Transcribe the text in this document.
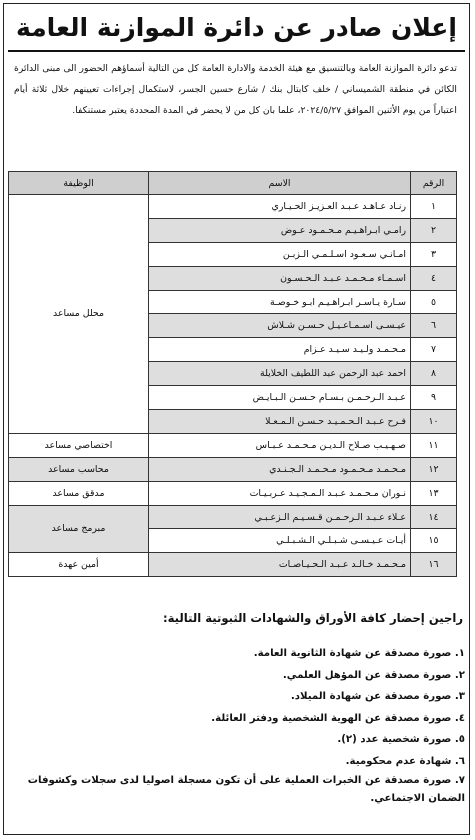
إعلان صادر عن دائرة الموازنة العامة
تدعو دائرة الموازنة العامة وبالتنسيق مع هيئة الخدمة والادارة العامة كل من التالية أسماؤهم الحضور الى مبنى الدائرة الكائن في منطقة الشميساني / خلف كابتال بنك / شارع حسين الجسر، لاستكمال إجراءات تعيينهم خلال ثلاثة أيام اعتباراً من يوم الأثنين الموافق ٢٠٢٤/٥/٢٧، علما بان كل من لا يحضر في المدة المحددة يعتبر مستنكفا.
الرقم	الاسم	الوظيفة
١	رنـاد عـاهـد عـبـد العـزيـز الحـيـاري	محلل مساعد
٢	رامـي ابـراهـيـم مـحـمـود عـوض	
٣	امـانـي سـعـود اسـلـمـي الـزبـن	
٤	اسـمـاء مـحـمـد عـبـد الـحـسـون	
٥	سـارة يـاسـر ابـراهـيـم ابـو خـوصـة	
٦	عيـسـى اسـمـاعـيـل حـسـن شـلاش	
٧	مـحـمـد ولـيـد سـيـد عـزام	
٨	احمد عبد الرحمن عبد اللطيف الخلايلة	
٩	عـبـد الـرحـمـن بـسـام حـسـن الـبـايـض	
١٠	فـرح عـبـد الـحـمـيـد حـسـن الـمـعـلا	
١١	صـهـيـب صـلاح الـديـن مـحـمـد عـبـاس	اختصاصي مساعد
١٢	مـحـمـد مـحـمـود مـحـمـد الـجـنـدي	محاسب مساعد
١٣	نـوران مـحـمـد عـبـد الـمـجـيـد عـربـيـات	مدقق مساعد
١٤	عـلاء عـبـد الـرحـمـن قـسـيـم الـزعـبـي	مبرمج مساعد
١٥	أيـات عـيـسـى شـبـلـي الـشـبـلـي	
١٦	مـحـمـد خـالـد عـبـد الـحـيـاصـات	أمين عهدة
راجين إحضار كافة الأوراق والشهادات الثبوتية التالية:
١. صورة مصدقة عن شهادة الثانوية العامة.
٢. صورة مصدقة عن المؤهل العلمي.
٣. صورة مصدقة عن شهادة الميلاد.
٤. صورة مصدقة عن الهوية الشخصية ودفتر العائلة.
٥. صورة شخصية عدد (٢).
٦. شهادة عدم محكومية.
٧. صورة مصدقة عن الخبرات العملية على أن تكون مسجلة اصوليا لدى سجلات وكشوفات الضمان الاجتماعي.
